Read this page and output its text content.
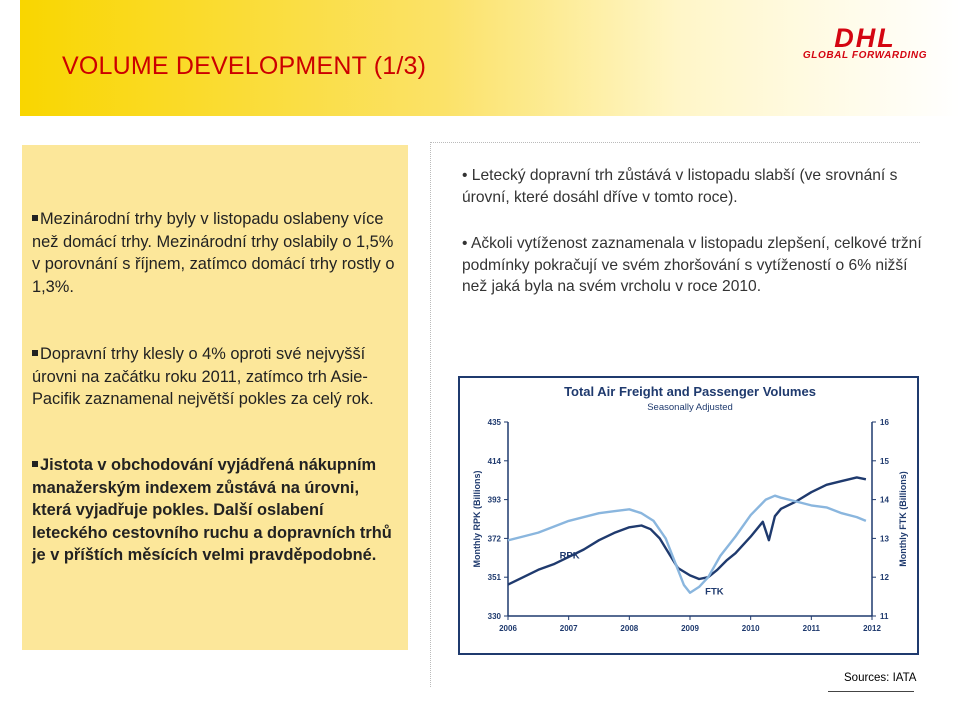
VOLUME DEVELOPMENT (1/3)
DHL
GLOBAL FORWARDING
Mezinárodní trhy byly v listopadu oslabeny více než domácí trhy. Mezinárodní trhy oslabily o 1,5% v porovnání s říjnem, zatímco domácí trhy rostly o 1,3%.
Dopravní trhy klesly o 4% oproti své nejvyšší úrovni na začátku roku 2011, zatímco trh Asie-Pacifik zaznamenal největší pokles za celý rok.
Jistota v obchodování vyjádřená nákupním manažerským indexem zůstává na úrovni, která vyjadřuje pokles. Další oslabení leteckého cestovního ruchu a dopravních trhů je v příštích měsících velmi pravděpodobné.
• Letecký dopravní trh zůstává v listopadu slabší (ve srovnání s úrovní, které dosáhl dříve v tomto roce).
• Ačkoli vytíženost zaznamenala v listopadu zlepšení, celkové tržní podmínky pokračují ve svém zhoršování s vytížeností o 6% nižší než jaká byla na svém vrcholu v roce 2010.
Total Air Freight and Passenger Volumes
Seasonally Adjusted
435
414
393
372
351
330
16
15
14
13
12
11
2006	2007	2008	2009	2010	2011	2012
Monthly RPK (Billions)	Monthly FTK (Billions)
RPK
FTK
Sources: IATA
